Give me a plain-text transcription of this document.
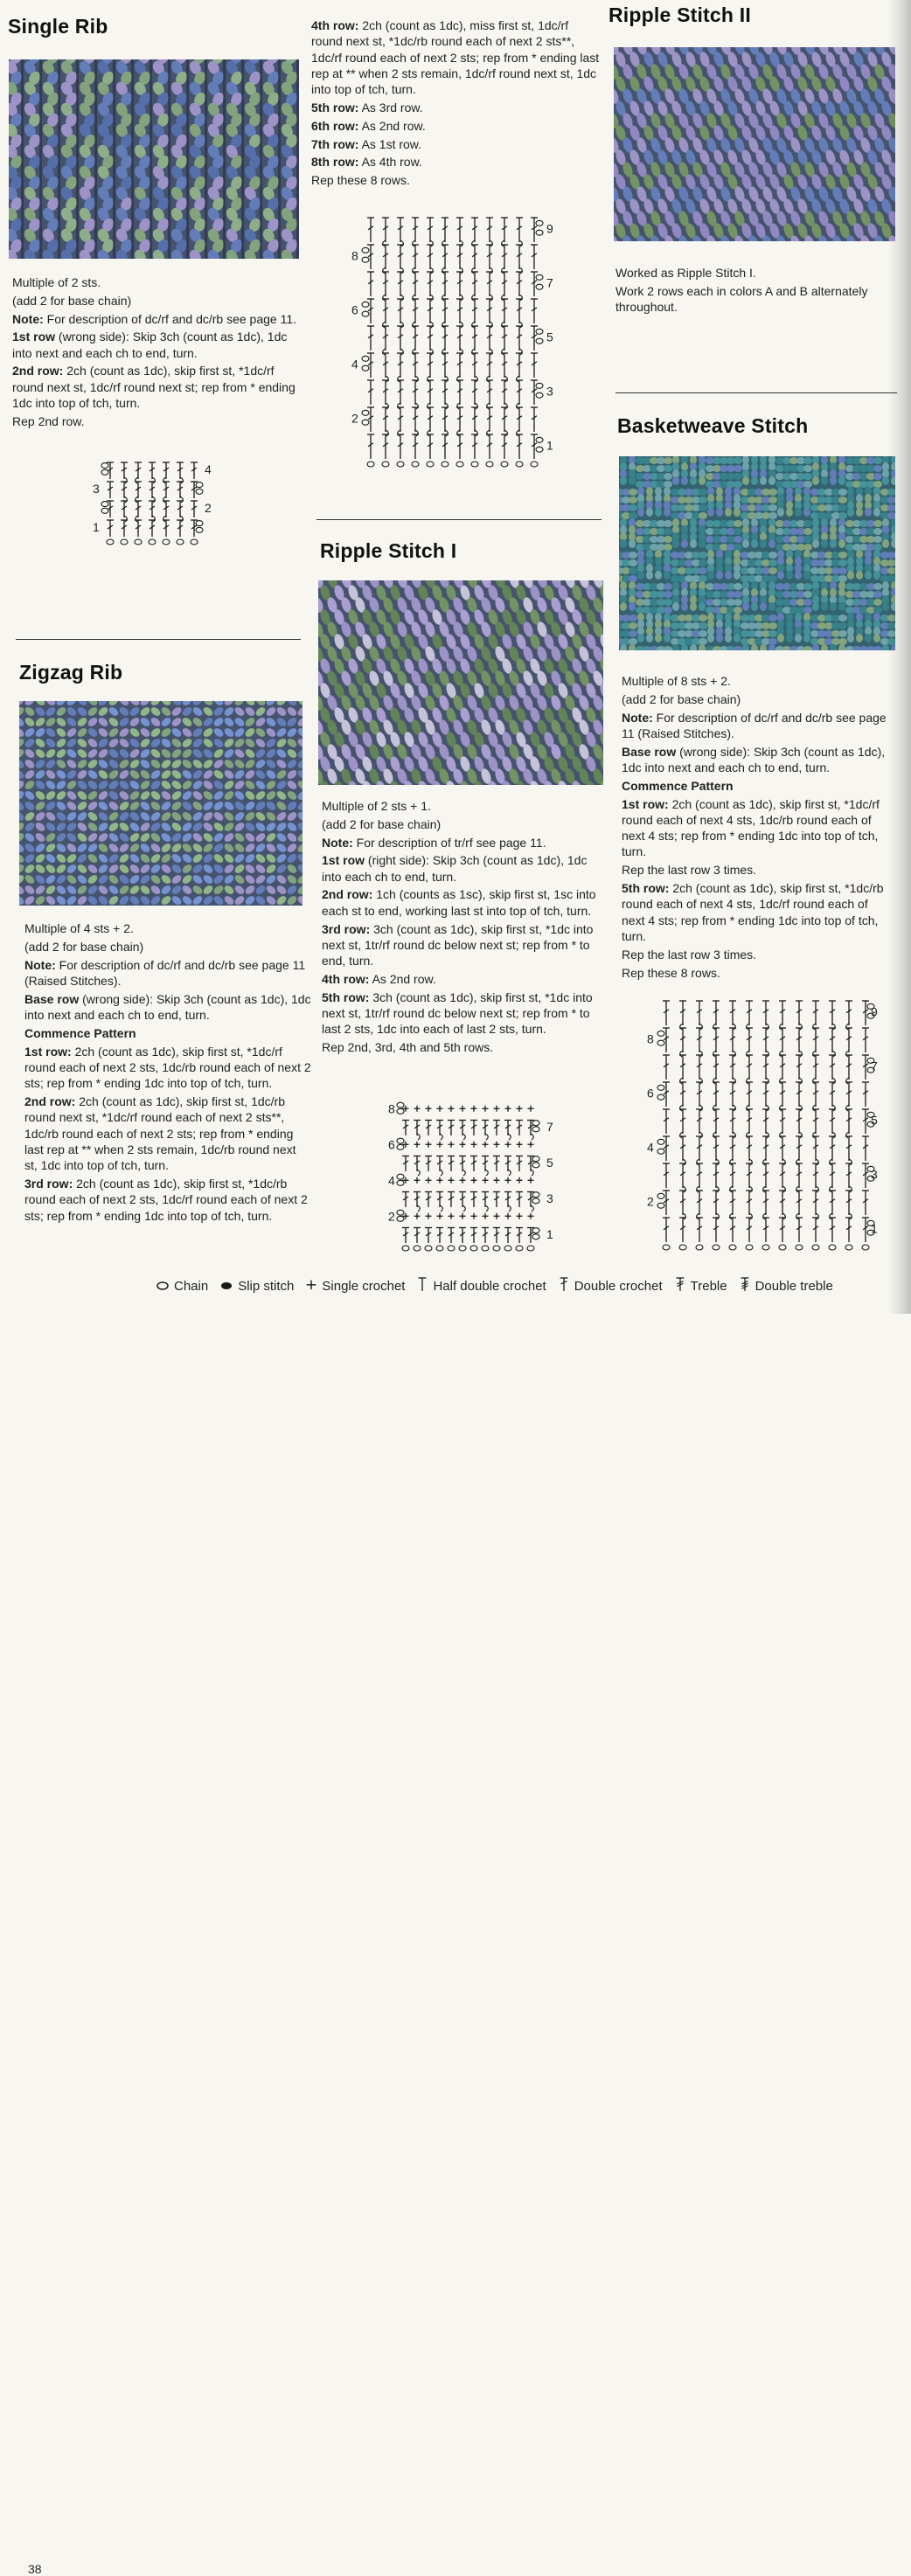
Single Rib

Multiple of 2 sts.

(add 2 for base chain)

Note: For description of dc/rf and dc/rb see page 11.

1st row (wrong side): Skip 3ch (count as 1dc), 1dc into next and each ch to end, turn.

2nd row: 2ch (count as 1dc), skip first st, *1dc/rf round next st, 1dc/rf round next st; rep from * ending 1dc into top of tch, turn.

Rep 2nd row.

3
1
4
2

4th row: 2ch (count as 1dc), miss first st, 1dc/rf round next st, *1dc/rb round each of next 2 sts**, 1dc/rf round each of next 2 sts; rep from * ending last rep at ** when 2 sts remain, 1dc/rf round next st, 1dc into top of tch, turn.

5th row: As 3rd row.

6th row: As 2nd row.

7th row: As 1st row.

8th row: As 4th row.

Rep these 8 rows.

8
6
4
2
9
7
5
3
1
Ripple Stitch I

Multiple of 2 sts + 1.

(add 2 for base chain)

Note: For description of tr/rf see page 11.

1st row (right side): Skip 3ch (count as 1dc), 1dc into each ch to end, turn.

2nd row: 1ch (counts as 1sc), skip first st, 1sc into each st to end, working last st into top of tch, turn.

3rd row: 3ch (count as 1dc), skip first st, *1dc into next st, 1tr/rf round dc below next st; rep from * to end, turn.

4th row: As 2nd row.

5th row: 3ch (count as 1dc), skip first st, *1dc into next st, 1tr/rf round dc below next st; rep from * to last 2 sts, 1dc into each of last 2 sts, turn.

Rep 2nd, 3rd, 4th and 5th rows.

8
6
4
2
7
5
3
1
Ripple Stitch II

Worked as Ripple Stitch I.

Work 2 rows each in colors A and B alternately throughout.

Basketweave Stitch

Multiple of 8 sts + 2.

(add 2 for base chain)

Note: For description of dc/rf and dc/rb see page 11 (Raised Stitches).

Base row (wrong side): Skip 3ch (count as 1dc), 1dc into next and each ch to end, turn.

Commence Pattern

1st row: 2ch (count as 1dc), skip first st, *1dc/rf round each of next 4 sts, 1dc/rb round each of next 4 sts; rep from * ending 1dc into top of tch, turn.

Rep the last row 3 times.

5th row: 2ch (count as 1dc), skip first st, *1dc/rb round each of next 4 sts, 1dc/rf round each of next 4 sts; rep from * ending 1dc into top of tch, turn.

Rep the last row 3 times.

Rep these 8 rows.

8
6
4
2
9
7
5
3
1
Zigzag Rib

Multiple of 4 sts + 2.

(add 2 for base chain)

Note: For description of dc/rf and dc/rb see page 11 (Raised Stitches).

Base row (wrong side): Skip 3ch (count as 1dc), 1dc into next and each ch to end, turn.

Commence Pattern

1st row: 2ch (count as 1dc), skip first st, *1dc/rf round each of next 2 sts, 1dc/rb round each of next 2 sts; rep from * ending 1dc into top of tch, turn.

2nd row: 2ch (count as 1dc), skip first st, 1dc/rb round next st, *1dc/rf round each of next 2 sts**, 1dc/rb round each of next 2 sts; rep from * ending last rep at ** when 2 sts remain, 1dc/rb round next st, 1dc into top of tch, turn.

3rd row: 2ch (count as 1dc), skip first st, *1dc/rb round each of next 2 sts, 1dc/rf round each of next 2 sts; rep from * ending 1dc into top of tch, turn.

38
Chain Slip stitch Single crochet Half double crochet Double crochet Treble Double treble
